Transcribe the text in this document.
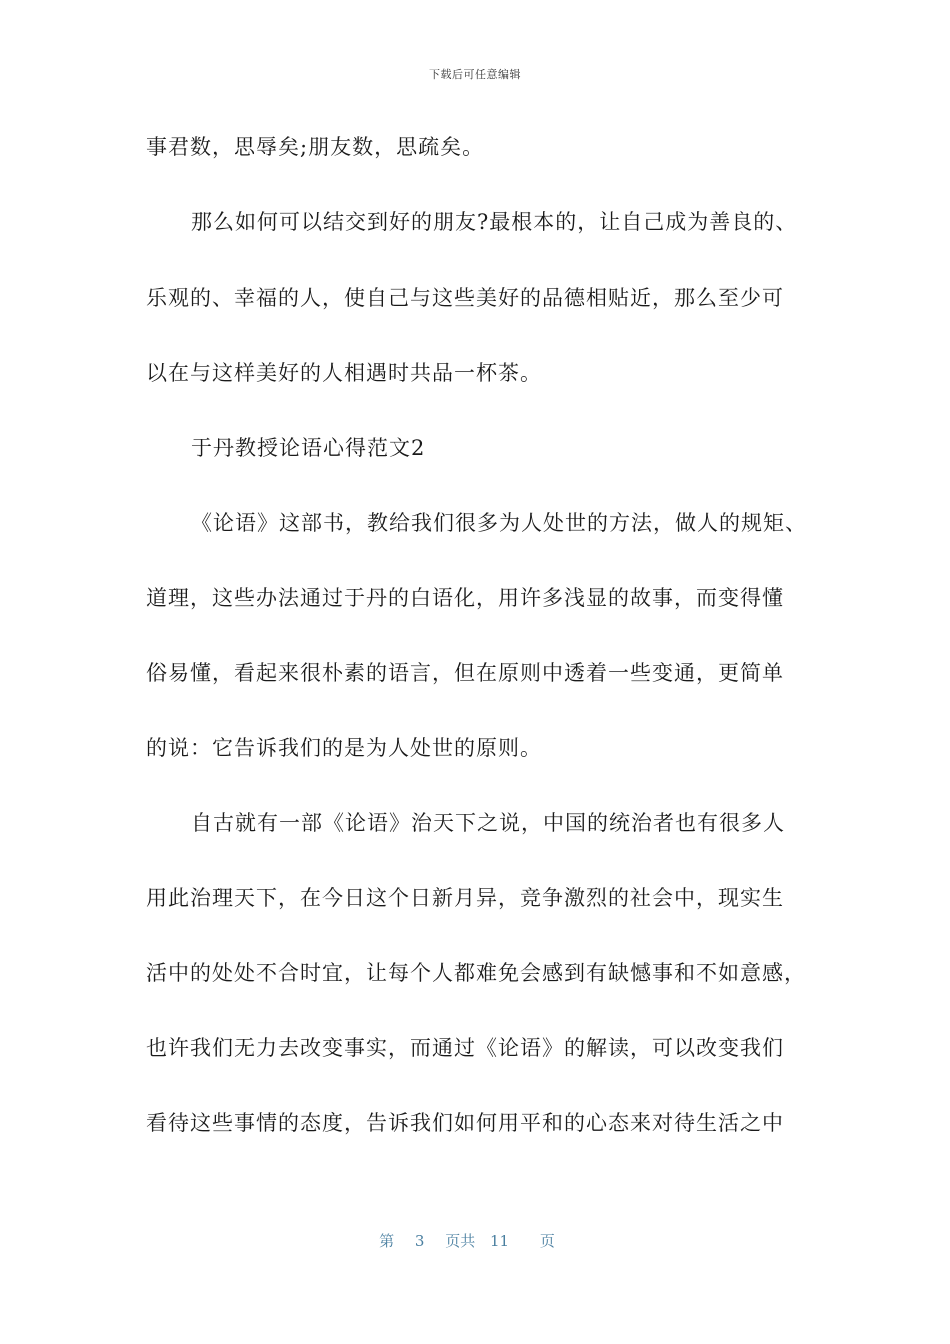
下载后可任意编辑
事君数，思辱矣;朋友数，思疏矣。
那么如何可以结交到好的朋友?最根本的，让自己成为善良的、
乐观的、幸福的人，使自己与这些美好的品德相贴近，那么至少可
以在与这样美好的人相遇时共品一杯茶。
于丹教授论语心得范文2
《论语》这部书，教给我们很多为人处世的方法，做人的规矩、
道理，这些办法通过于丹的白语化，用许多浅显的故事，而变得懂
俗易懂，看起来很朴素的语言，但在原则中透着一些变通，更简单
的说：它告诉我们的是为人处世的原则。
自古就有一部《论语》治天下之说，中国的统治者也有很多人
用此治理天下，在今日这个日新月异，竞争激烈的社会中，现实生
活中的处处不合时宜，让每个人都难免会感到有缺憾事和不如意感，
也许我们无力去改变事实，而通过《论语》的解读，可以改变我们
看待这些事情的态度，告诉我们如何用平和的心态来对待生活之中
第 3 页共 11 页
